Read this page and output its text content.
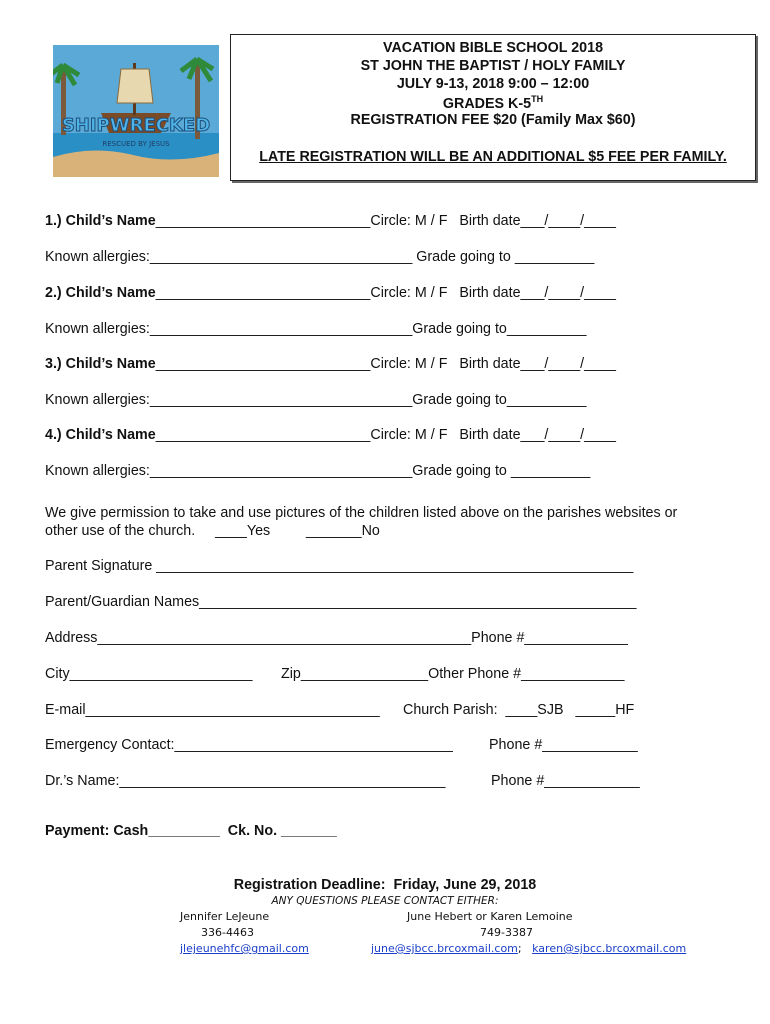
SHIPWRECKED
RESCUED BY JESUS
VACATION BIBLE SCHOOL 2018
ST JOHN THE BAPTIST / HOLY FAMILY
JULY 9-13, 2018 9:00 – 12:00
GRADES K-5TH
REGISTRATION FEE $20 (Family Max $60)
LATE REGISTRATION WILL BE AN ADDITIONAL $5 FEE PER FAMILY.
1.) Child’s Name___________________________Circle: M / F   Birth date___/____/____
Known allergies:_________________________________ Grade going to __________
2.) Child’s Name___________________________Circle: M / F   Birth date___/____/____
Known allergies:_________________________________Grade going to__________
3.) Child’s Name___________________________Circle: M / F   Birth date___/____/____
Known allergies:_________________________________Grade going to__________
4.) Child’s Name___________________________Circle: M / F   Birth date___/____/____
Known allergies:_________________________________Grade going to __________
We give permission to take and use pictures of the children listed above on the parishes websites or
other use of the church.     ____Yes         _______No
Parent Signature ____________________________________________________________
Parent/Guardian Names_______________________________________________________
Address_______________________________________________Phone #_____________
City_______________________ Zip________________Other Phone #_____________
E-mail_____________________________________ Church Parish:  ____SJB   _____HF
Emergency Contact:___________________________________	Phone #____________
Dr.’s Name:_________________________________________	Phone #____________
Payment: Cash_________  Ck. No. _______
Registration Deadline:  Friday, June 29, 2018
ANY QUESTIONS PLEASE CONTACT EITHER:
Jennifer LeJeune
336-4463
jlejeunehfc@gmail.com
June Hebert or Karen Lemoine
749-3387
june@sjbcc.brcoxmail.com; karen@sjbcc.brcoxmail.com
